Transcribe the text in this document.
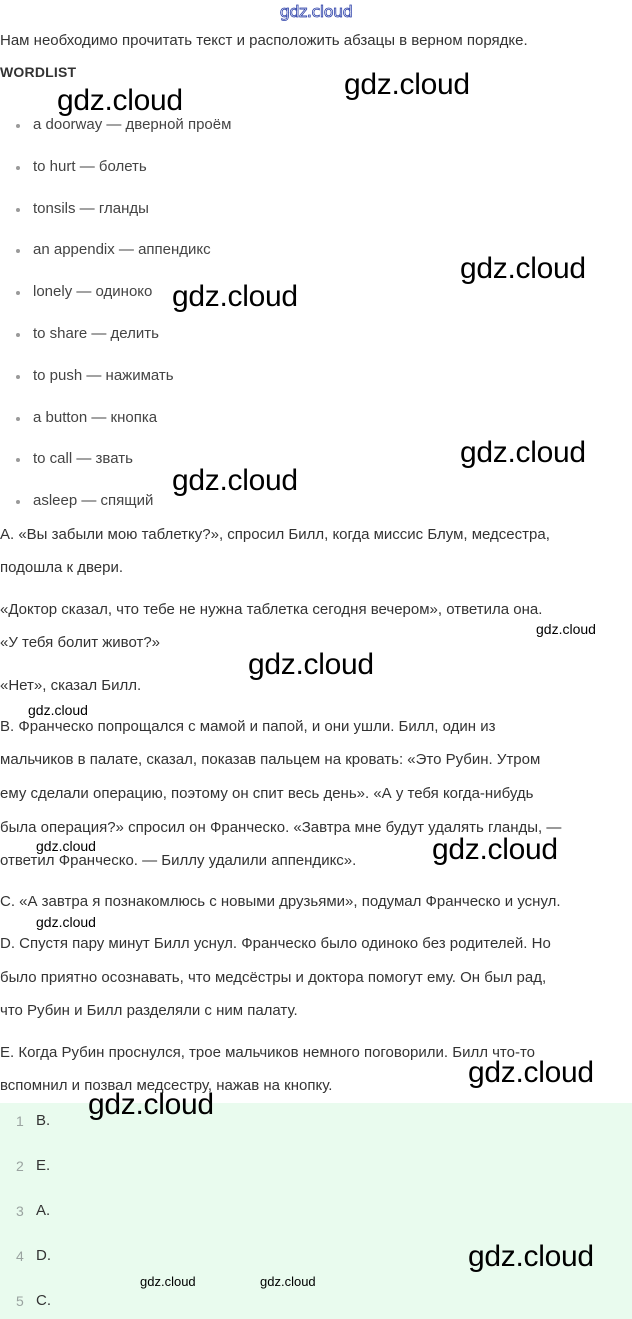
gdz.cloud

Нам необходимо прочитать текст и расположить абзацы в верном порядке.

WORDLIST
a doorway — дверной проём
to hurt — болеть
tonsils — гланды
an appendix — аппендикс
lonely — одиноко
to share — делить
to push — нажимать
a button — кнопка
to call — звать
asleep — спящий

A. «Вы забыли мою таблетку?», спросил Билл, когда миссис Блум, медсестра,

подошла к двери.

«Доктор сказал, что тебе не нужна таблетка сегодня вечером», ответила она.

«У тебя болит живот?»

«Нет», сказал Билл.

B. Франческо попрощался с мамой и папой, и они ушли. Билл, один из

мальчиков в палате, сказал, показав пальцем на кровать: «Это Рубин. Утром

ему сделали операцию, поэтому он спит весь день». «А у тебя когда-нибудь

была операция?» спросил он Франческо. «Завтра мне будут удалять гланды, —

ответил Франческо. — Биллу удалили аппендикс».

C. «А завтра я познакомлюсь с новыми друзьями», подумал Франческо и уснул.

D. Спустя пару минут Билл уснул. Франческо было одиноко без родителей. Но

было приятно осознавать, что медсёстры и доктора помогут ему. Он был рад,

что Рубин и Билл разделяли с ним палату.

E. Когда Рубин проснулся, трое мальчиков немного поговорили. Билл что-то

вспомнил и позвал медсестру, нажав на кнопку.

1 B.
2 E.
3 A.
4 D.
5 C.
gdz.cloud	gdz.cloud
gdz.cloud
gdz.cloud
gdz.cloud
gdz.cloud
gdz.cloud
gdz.cloud
gdz.cloud
gdz.cloud	gdz.cloud
gdz.cloud
gdz.cloud
gdz.cloud
gdz.cloud
gdz.cloud	gdz.cloud
